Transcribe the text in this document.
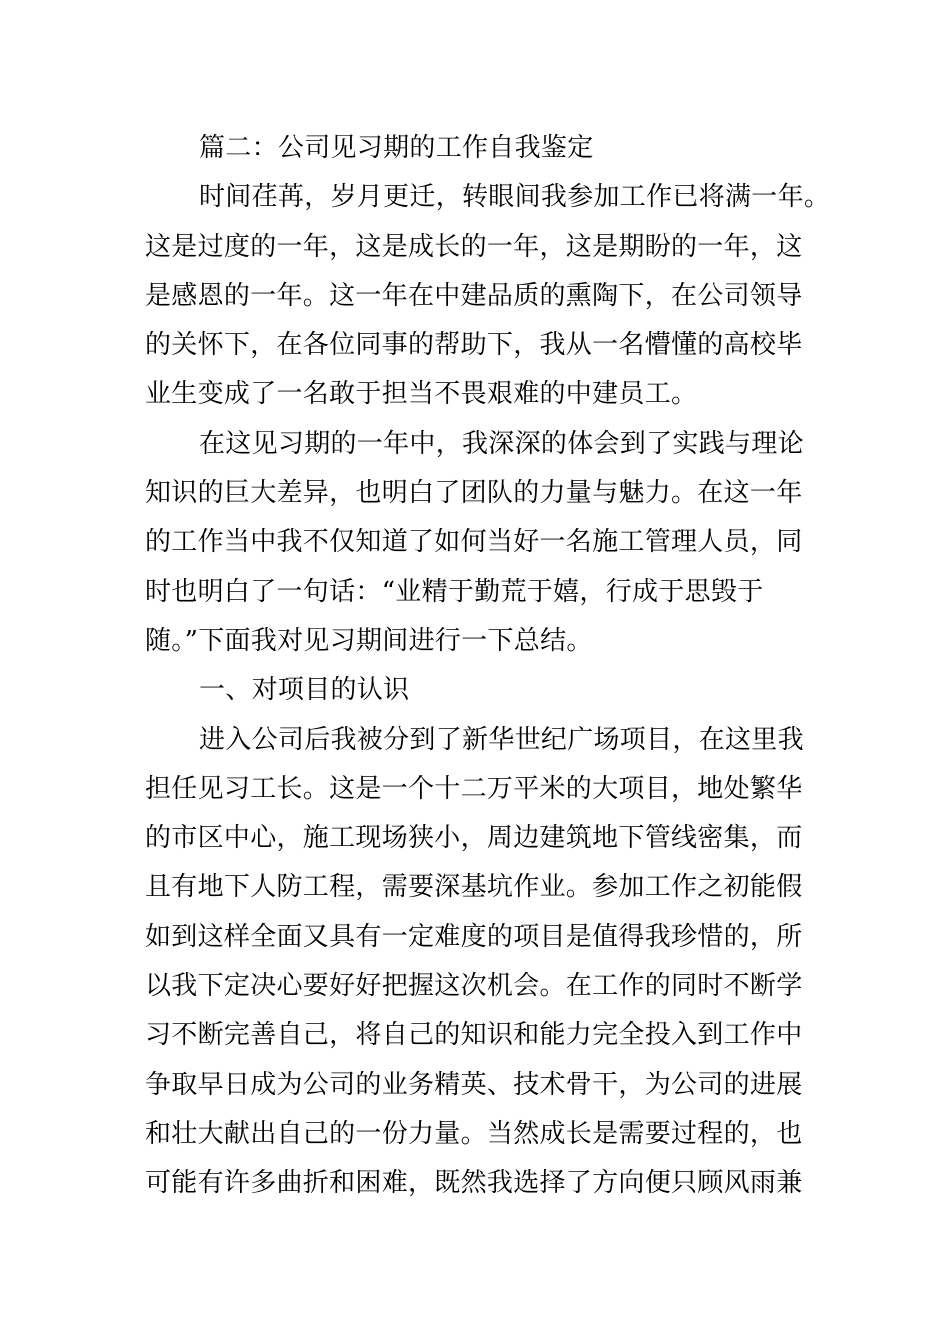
篇二：公司见习期的工作自我鉴定
时间荏苒，岁月更迁，转眼间我参加工作已将满一年。
这是过度的一年，这是成长的一年，这是期盼的一年，这
是感恩的一年。这一年在中建品质的熏陶下，在公司领导
的关怀下，在各位同事的帮助下，我从一名懵懂的高校毕
业生变成了一名敢于担当不畏艰难的中建员工。
在这见习期的一年中，我深深的体会到了实践与理论
知识的巨大差异，也明白了团队的力量与魅力。在这一年
的工作当中我不仅知道了如何当好一名施工管理人员，同
时也明白了一句话：“业精于勤荒于嬉，行成于思毁于
随。”下面我对见习期间进行一下总结。
一、对项目的认识
进入公司后我被分到了新华世纪广场项目，在这里我
担任见习工长。这是一个十二万平米的大项目，地处繁华
的市区中心，施工现场狭小，周边建筑地下管线密集，而
且有地下人防工程，需要深基坑作业。参加工作之初能假
如到这样全面又具有一定难度的项目是值得我珍惜的，所
以我下定决心要好好把握这次机会。在工作的同时不断学
习不断完善自己，将自己的知识和能力完全投入到工作中
争取早日成为公司的业务精英、技术骨干，为公司的进展
和壮大献出自己的一份力量。当然成长是需要过程的，也
可能有许多曲折和困难，既然我选择了方向便只顾风雨兼
